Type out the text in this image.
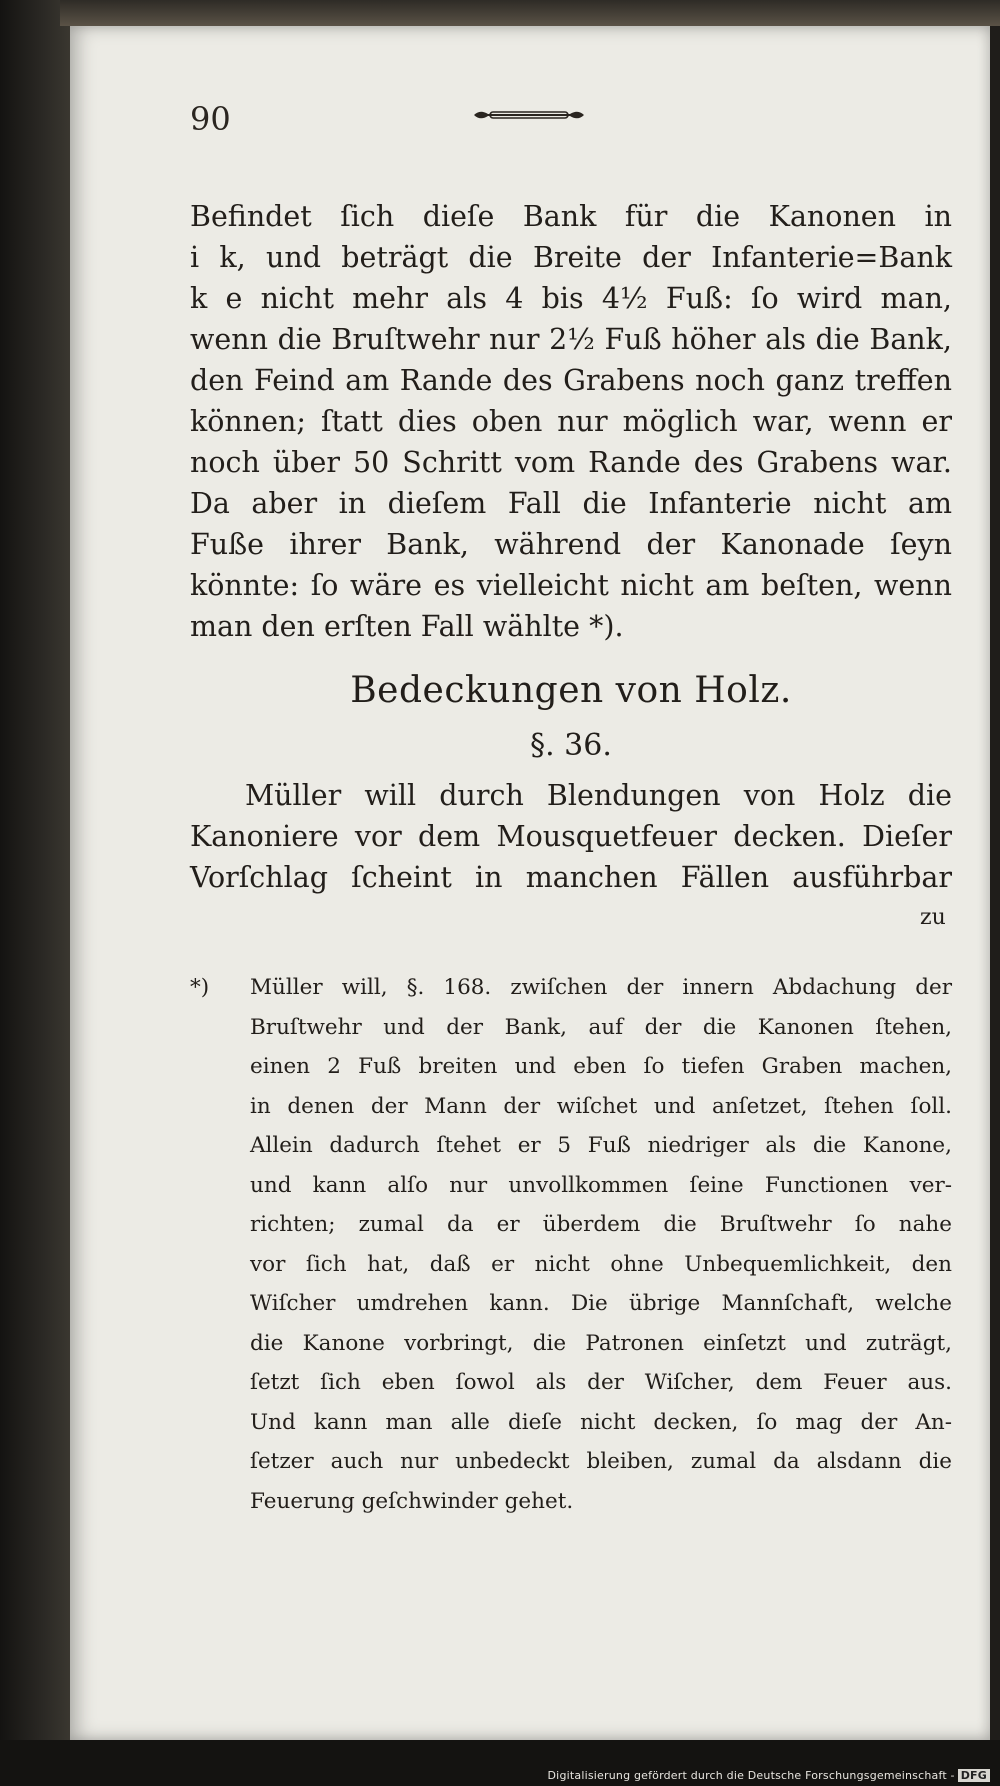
90
Befindet ſich dieſe Bank für die Kanonen in
i k, und beträgt die Breite der Infanterie=Bank
k e nicht mehr als 4 bis 4½ Fuß: ſo wird man,
wenn die Bruſtwehr nur 2½ Fuß höher als die Bank,
den Feind am Rande des Grabens noch ganz treffen
können; ſtatt dies oben nur möglich war, wenn er
noch über 50 Schritt vom Rande des Grabens war.
Da aber in dieſem Fall die Infanterie nicht am
Fuße ihrer Bank, während der Kanonade ſeyn
könnte: ſo wäre es vielleicht nicht am beſten, wenn
man den erſten Fall wählte *).
Bedeckungen von Holz.
§. 36.
Müller will durch Blendungen von Holz die
Kanoniere vor dem Mousquetfeuer decken. Dieſer
Vorſchlag ſcheint in manchen Fällen ausführbar
zu
*) Müller will, §. 168. zwiſchen der innern Abdachung der
Bruſtwehr und der Bank, auf der die Kanonen ſtehen,
einen 2 Fuß breiten und eben ſo tiefen Graben machen,
in denen der Mann der wiſchet und anſetzet, ſtehen ſoll.
Allein dadurch ſtehet er 5 Fuß niedriger als die Kanone,
und kann alſo nur unvollkommen ſeine Functionen ver-
richten; zumal da er überdem die Bruſtwehr ſo nahe
vor ſich hat, daß er nicht ohne Unbequemlichkeit, den
Wiſcher umdrehen kann. Die übrige Mannſchaft, welche
die Kanone vorbringt, die Patronen einſetzt und zuträgt,
ſetzt ſich eben ſowol als der Wiſcher, dem Feuer aus.
Und kann man alle dieſe nicht decken, ſo mag der An-
ſetzer auch nur unbedeckt bleiben, zumal da alsdann die
Feuerung geſchwinder gehet.
Digitalisierung gefördert durch die Deutsche Forschungsgemeinschaft - DFG
